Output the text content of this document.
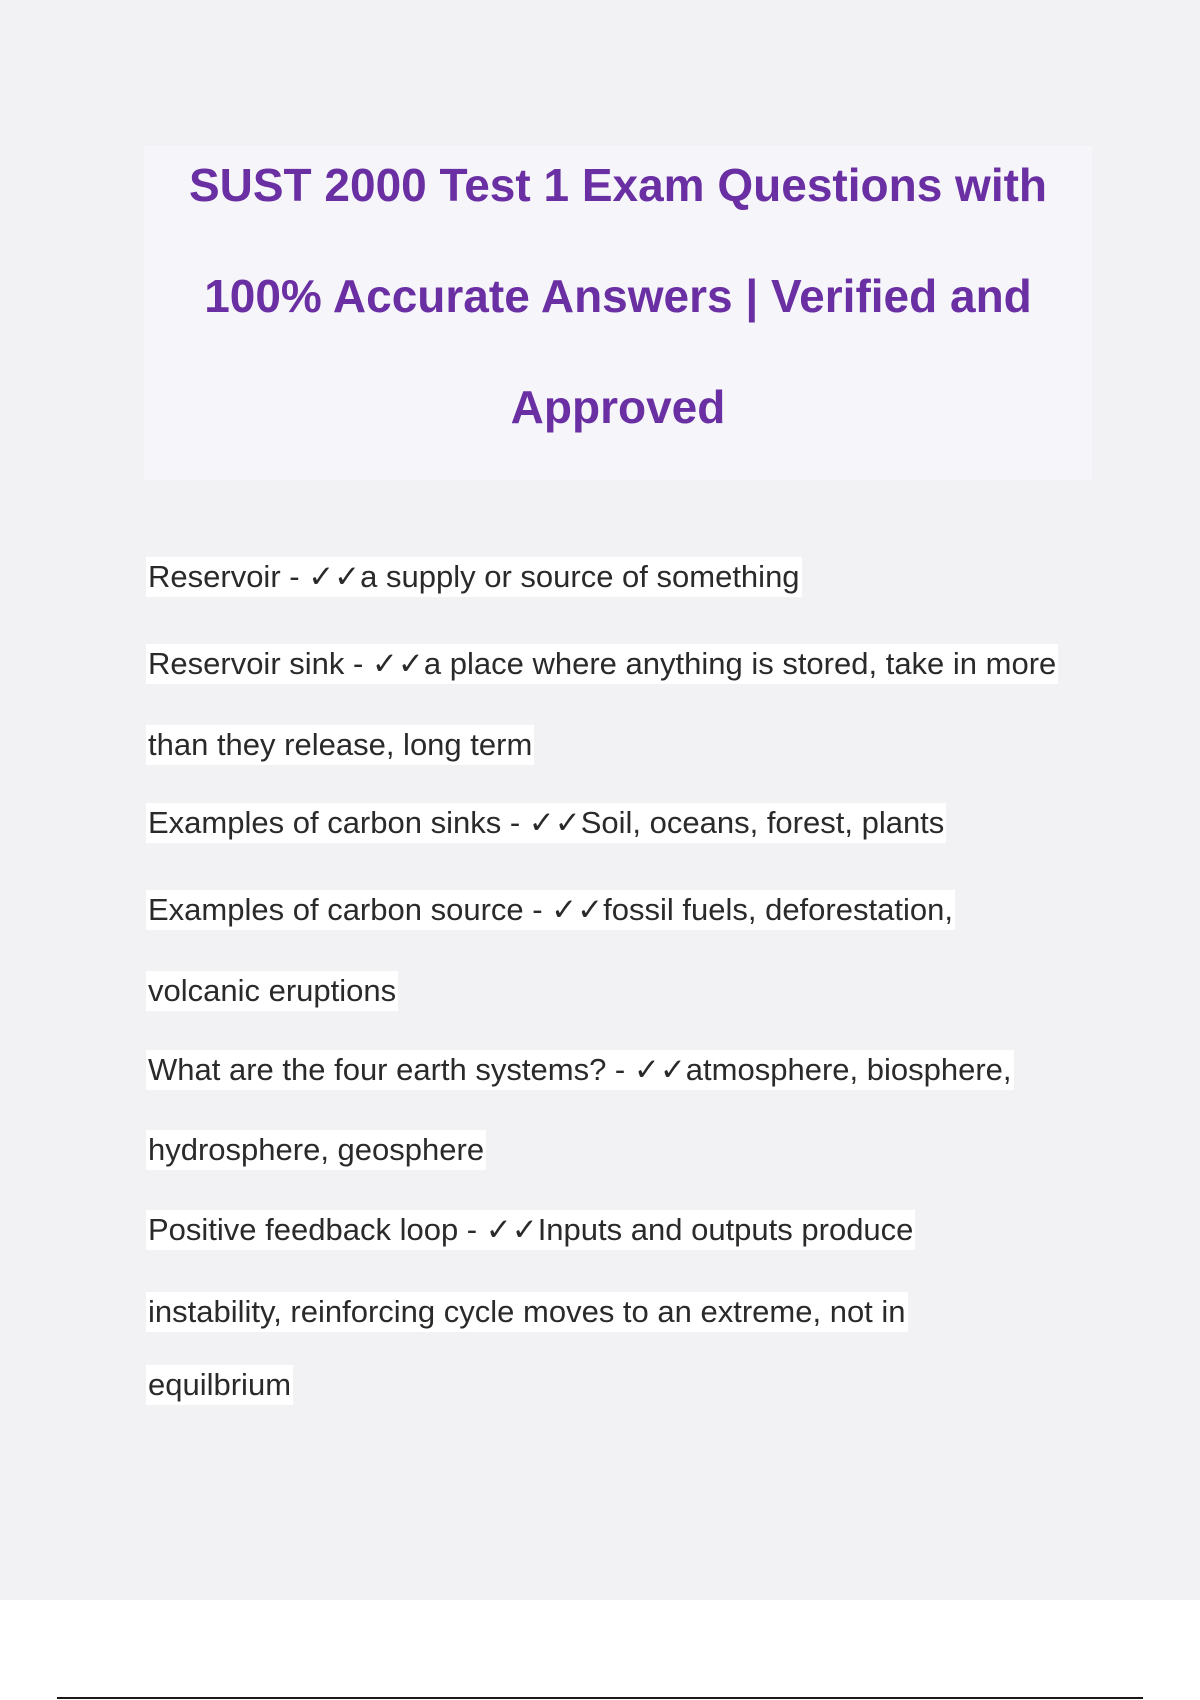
SUST 2000 Test 1 Exam Questions with
100% Accurate Answers | Verified and
Approved
Reservoir - ✓✓a supply or source of something
Reservoir sink - ✓✓a place where anything is stored, take in more
than they release, long term
Examples of carbon sinks - ✓✓Soil, oceans, forest, plants
Examples of carbon source - ✓✓fossil fuels, deforestation,
volcanic eruptions
What are the four earth systems? - ✓✓atmosphere, biosphere,
hydrosphere, geosphere
Positive feedback loop - ✓✓Inputs and outputs produce
instability, reinforcing cycle moves to an extreme, not in
equilbrium
